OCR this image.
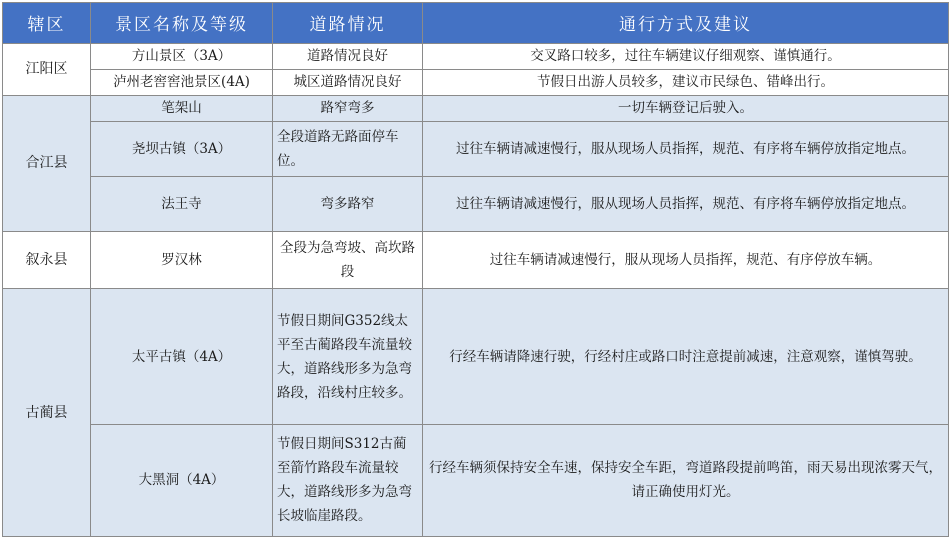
辖区	景区名称及等级	道路情况	通行方式及建议
江阳区	方山景区（3A）	道路情况良好	交叉路口较多，过往车辆建议仔细观察、谨慎通行。
	泸州老窖窖池景区(4A)	城区道路情况良好	节假日出游人员较多，建议市民绿色、错峰出行。
合江县	笔架山	路窄弯多	一切车辆登记后驶入。
	尧坝古镇（3A）	全段道路无路面停车位。	过往车辆请减速慢行，服从现场人员指挥，规范、有序将车辆停放指定地点。
	法王寺	弯多路窄	过往车辆请减速慢行，服从现场人员指挥，规范、有序将车辆停放指定地点。
叙永县	罗汉林	全段为急弯坡、高坎路段	过往车辆请减速慢行，服从现场人员指挥，规范、有序停放车辆。
古蔺县	太平古镇（4A）	节假日期间G352线太平至古蔺路段车流量较大，道路线形多为急弯路段，沿线村庄较多。	行经车辆请降速行驶，行经村庄或路口时注意提前减速，注意观察，谨慎驾驶。
	大黑洞（4A）	节假日期间S312古蔺至箭竹路段车流量较大，道路线形多为急弯长坡临崖路段。	行经车辆须保持安全车速，保持安全车距，弯道路段提前鸣笛，雨天易出现浓雾天气，请正确使用灯光。
